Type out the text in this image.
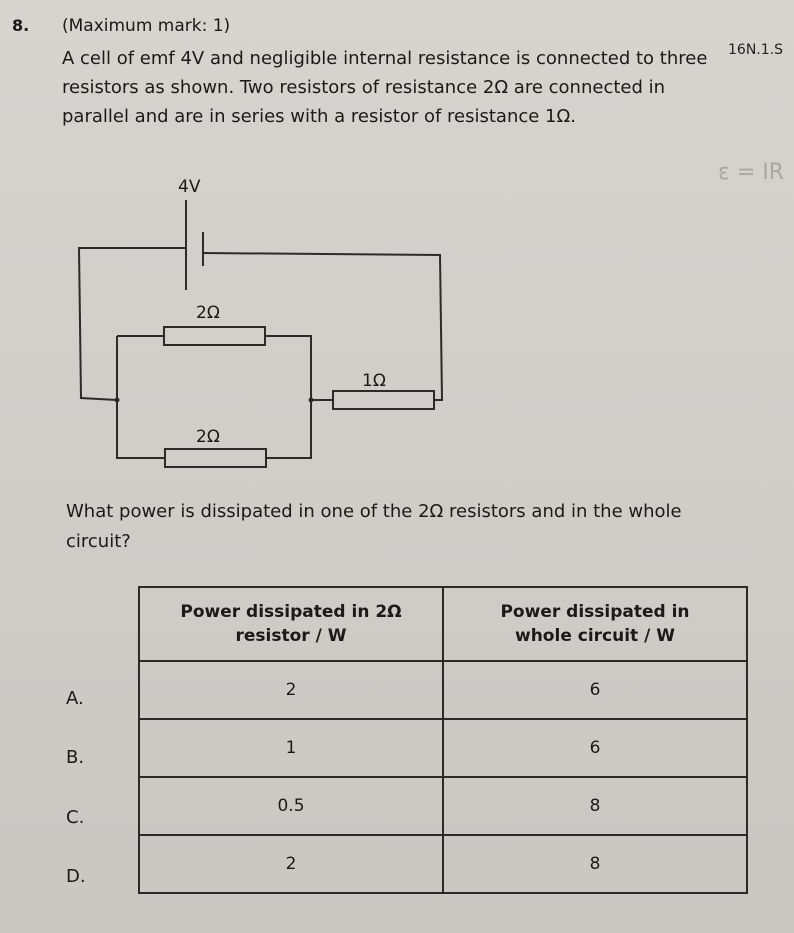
8. (Maximum mark: 1)
16N.1.S
A cell of emf 4V and negligible internal resistance is connected to three
resistors as shown. Two resistors of resistance 2Ω are connected in
parallel and are in series with a resistor of resistance 1Ω.
ε = IR
4V
2Ω
1Ω
2Ω
What power is dissipated in one of the 2Ω resistors and in the whole
circuit?
A.
B.
C.
D.
Power dissipated in 2Ω resistor / W	Power dissipated in whole circuit / W

2	6
1	6
0.5	8
2	8
